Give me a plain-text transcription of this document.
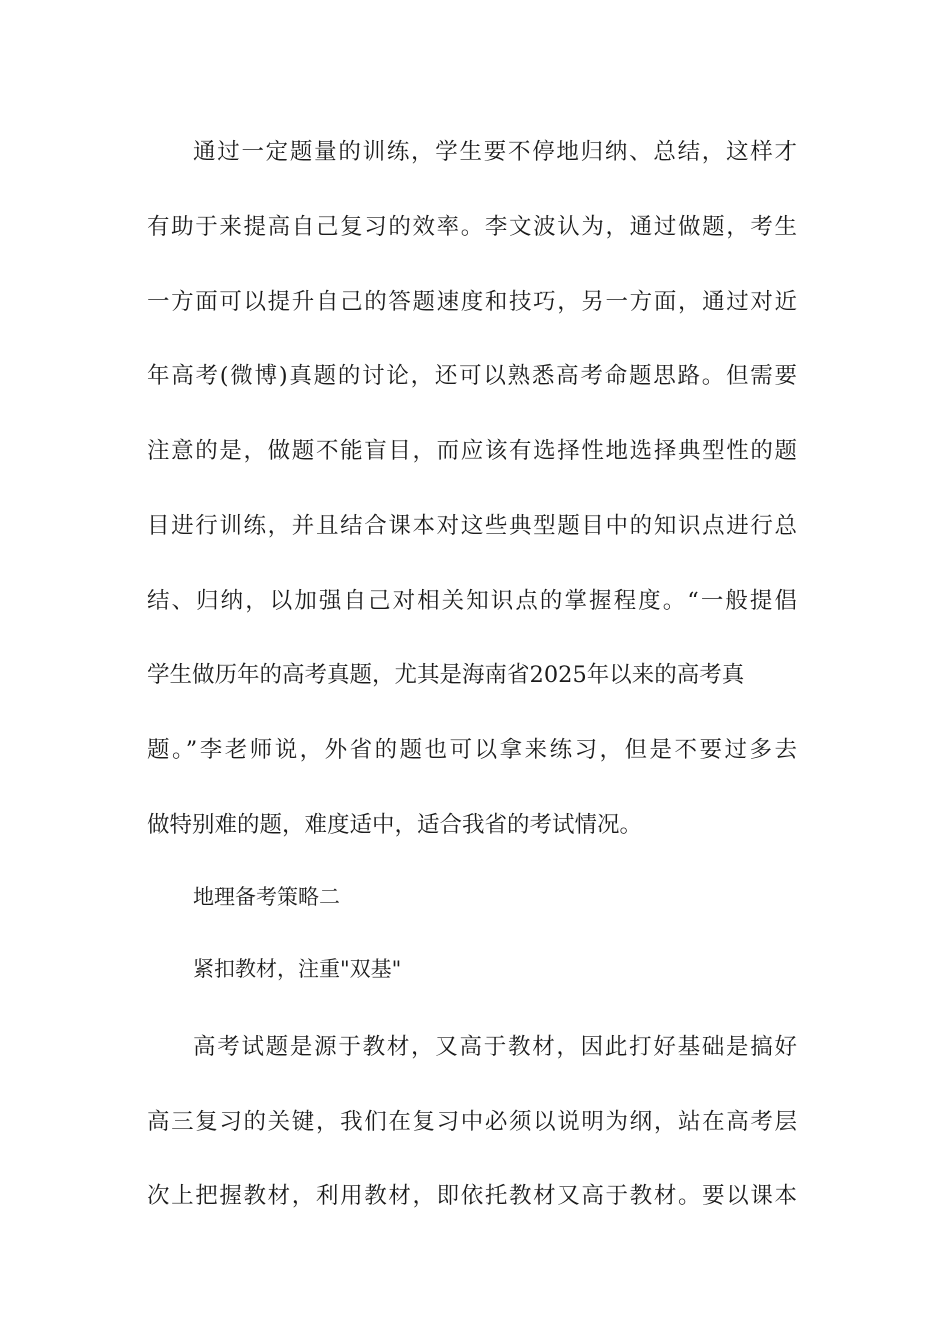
通过一定题量的训练，学生要不停地归纳、总结，这样才
有助于来提高自己复习的效率。李文波认为，通过做题，考生
一方面可以提升自己的答题速度和技巧，另一方面，通过对近
年高考(微博)真题的讨论，还可以熟悉高考命题思路。但需要
注意的是，做题不能盲目，而应该有选择性地选择典型性的题
目进行训练，并且结合课本对这些典型题目中的知识点进行总
结、归纳，以加强自己对相关知识点的掌握程度。“一般提倡
学生做历年的高考真题，尤其是海南省2025年以来的高考真
题。”李老师说，外省的题也可以拿来练习，但是不要过多去
做特别难的题，难度适中，适合我省的考试情况。
地理备考策略二
紧扣教材，注重"双基"
高考试题是源于教材，又高于教材，因此打好基础是搞好
高三复习的关键，我们在复习中必须以说明为纲，站在高考层
次上把握教材，利用教材，即依托教材又高于教材。要以课本
